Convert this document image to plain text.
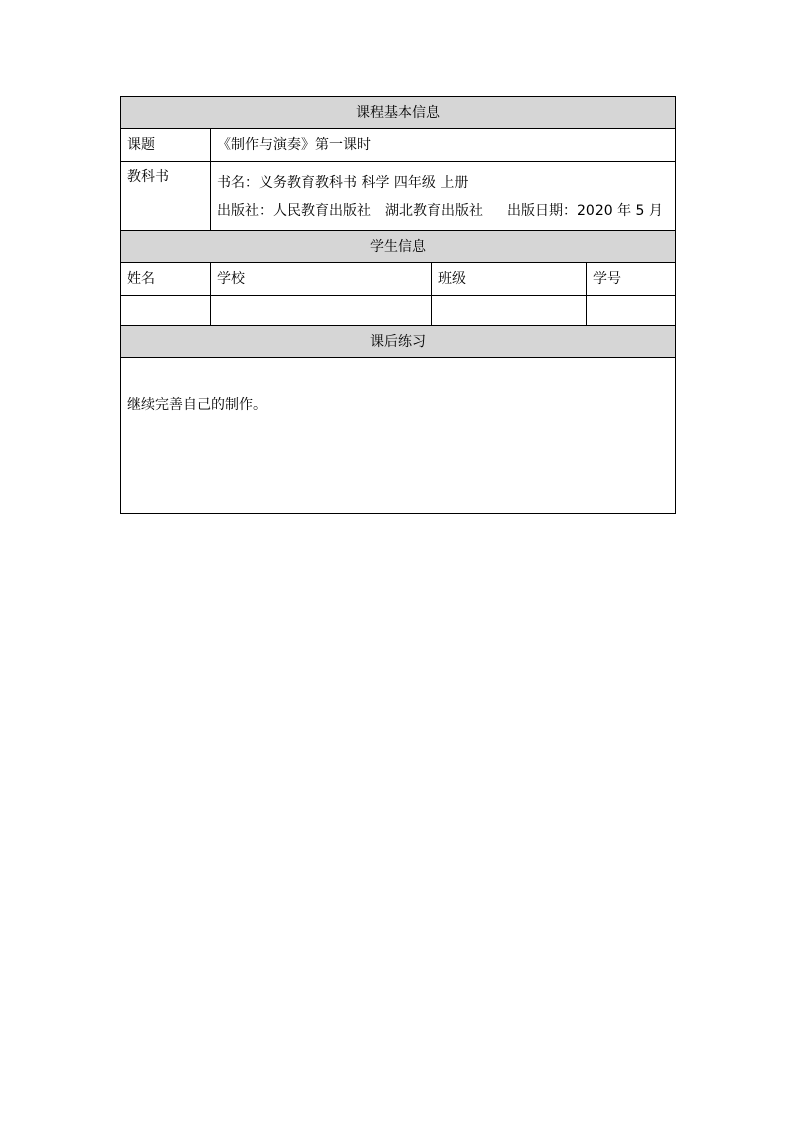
课程基本信息			
课题	《制作与演奏》第一课时		
教科书	书名：义务教育教科书 科学 四年级 上册
出版社：人民教育出版社 湖北教育出版社 出版日期：2020 年 5 月		

学生信息			
姓名	学校	班级	学号

课后练习			

继续完善自己的制作。			
